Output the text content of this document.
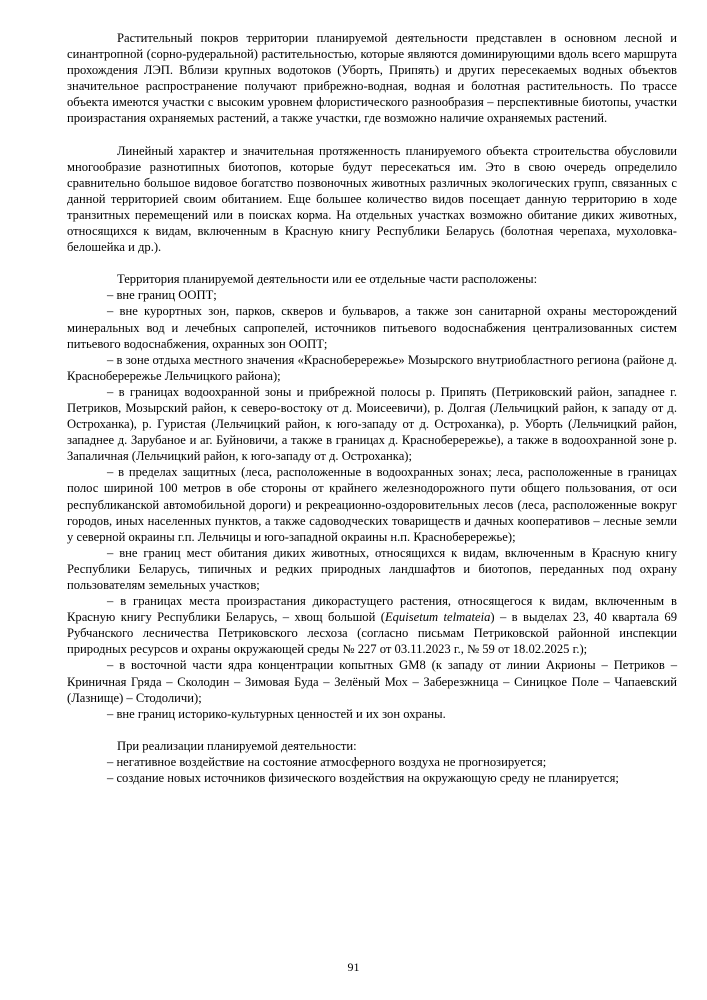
Растительный покров территории планируемой деятельности представлен в основном лесной и синантропной (сорно-рудеральной) растительностью, которые являются доминирующими вдоль всего маршрута прохождения ЛЭП. Вблизи крупных водотоков (Уборть, Припять) и других пересекаемых водных объектов значительное распространение получают прибрежно-водная, водная и болотная растительность. По трассе объекта имеются участки с высоким уровнем флористического разнообразия – перспективные биотопы, участки произрастания охраняемых растений, а также участки, где возможно наличие охраняемых растений.

Линейный характер и значительная протяженность планируемого объекта строительства обусловили многообразие разнотипных биотопов, которые будут пересекаться им. Это в свою очередь определило сравнительно большое видовое богатство позвоночных животных различных экологических групп, связанных с данной территорией своим обитанием. Еще большее количество видов посещает данную территорию в ходе транзитных перемещений или в поисках корма. На отдельных участках возможно обитание диких животных, относящихся к видам, включенным в Красную книгу Республики Беларусь (болотная черепаха, мухоловка-белошейка и др.).

Территория планируемой деятельности или ее отдельные части расположены:

– вне границ ООПТ;

– вне курортных зон, парков, скверов и бульваров, а также зон санитарной охраны месторождений минеральных вод и лечебных сапропелей, источников питьевого водоснабжения централизованных систем питьевого водоснабжения, охранных зон ООПТ;

– в зоне отдыха местного значения «Красноберережье» Мозырского внутриобластного региона (районе д. Красноберережье Лельчицкого района);

– в границах водоохранной зоны и прибрежной полосы р. Припять (Петриковский район, западнее г. Петриков, Мозырский район, к северо-востоку от д. Моисеевичи), р. Долгая (Лельчицкий район, к западу от д. Остроханка), р. Гуристая (Лельчицкий район, к юго-западу от д. Остроханка), р. Уборть (Лельчицкий район, западнее д. Зарубаное и аг. Буйновичи, а также в границах д. Красноберережье), а также в водоохранной зоне р. Запаличная (Лельчицкий район, к юго-западу от д. Остроханка);

– в пределах защитных (леса, расположенные в водоохранных зонах; леса, расположенные в границах полос шириной 100 метров в обе стороны от крайнего железнодорожного пути общего пользования, от оси республиканской автомобильной дороги) и рекреационно-оздоровительных лесов (леса, расположенные вокруг городов, иных населенных пунктов, а также садоводческих товариществ и дачных кооперативов – лесные земли у северной окраины г.п. Лельчицы и юго-западной окраины н.п. Красноберережье);

– вне границ мест обитания диких животных, относящихся к видам, включенным в Красную книгу Республики Беларусь, типичных и редких природных ландшафтов и биотопов, переданных под охрану пользователям земельных участков;

– в границах места произрастания дикорастущего растения, относящегося к видам, включенным в Красную книгу Республики Беларусь, – хвощ большой (Equisetum telmateia) – в выделах 23, 40 квартала 69 Рубчанского лесничества Петриковского лесхоза (согласно письмам Петриковской районной инспекции природных ресурсов и охраны окружающей среды № 227 от 03.11.2023 г., № 59 от 18.02.2025 г.);

– в восточной части ядра концентрации копытных GM8 (к западу от линии Акрионы – Петриков – Криничная Гряда – Сколодин – Зимовая Буда – Зелёный Мох – Заберезжница – Синицкое Поле – Чапаевский (Лазнище) – Стодоличи);

– вне границ историко-культурных ценностей и их зон охраны.

При реализации планируемой деятельности:

– негативное воздействие на состояние атмосферного воздуха не прогнозируется;

– создание новых источников физического воздействия на окружающую среду не планируется;

91
